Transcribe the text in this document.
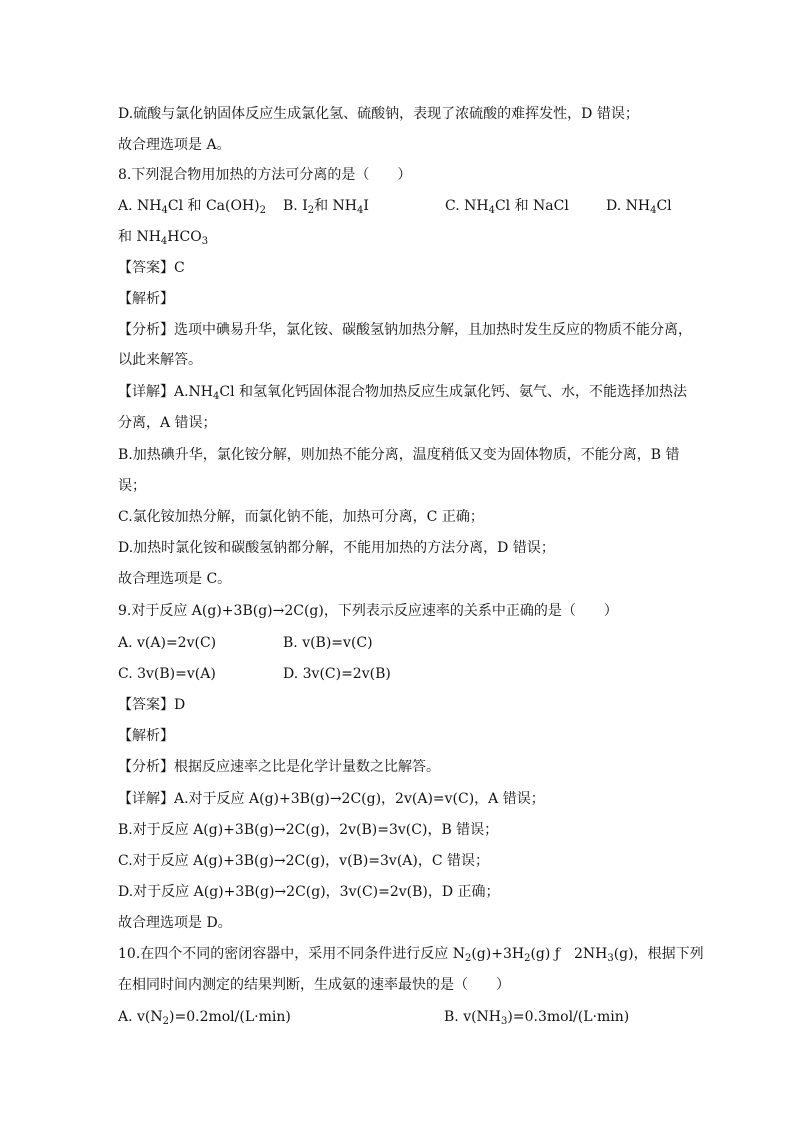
D.硫酸与氯化钠固体反应生成氯化氢、硫酸钠，表现了浓硫酸的难挥发性，D 错误；
故合理选项是 A。
8.下列混合物用加热的方法可分离的是（　　）
A. $NH_4Cl$ 和 $Ca(OH)_2$ B. $I_2$和 $NH_4I$	C. $NH_4Cl$ 和 NaCl	D. $NH_4Cl$
和 $NH_4HCO_3$
【答案】C
【解析】
【分析】选项中碘易升华，氯化铵、碳酸氢钠加热分解，且加热时发生反应的物质不能分离，
以此来解答。
【详解】$A.NH_4Cl$ 和氢氧化钙固体混合物加热反应生成氯化钙、氨气、水，不能选择加热法
分离，A 错误；
B.加热碘升华，氯化铵分解，则加热不能分离，温度稍低又变为固体物质，不能分离，B 错
误；
C.氯化铵加热分解，而氯化钠不能，加热可分离，C 正确；
D.加热时氯化铵和碳酸氢钠都分解，不能用加热的方法分离，D 错误；
故合理选项是 C。
9.对于反应 A(g)+3B(g)→2C(g)，下列表示反应速率的关系中正确的是（　　）
A. v(A)=2v(C)	B. v(B)=v(C)
C. 3v(B)=v(A)	D. 3v(C)=2v(B)
【答案】D
【解析】
【分析】根据反应速率之比是化学计量数之比解答。
【详解】A.对于反应 A(g)+3B(g)→2C(g)，2v(A)=v(C)，A 错误；
B.对于反应 A(g)+3B(g)→2C(g)，2v(B)=3v(C)，B 错误；
C.对于反应 A(g)+3B(g)→2C(g)，v(B)=3v(A)，C 错误；
D.对于反应 A(g)+3B(g)→2C(g)，3v(C)=2v(B)，D 正确；
故合理选项是 D。
10.在四个不同的密闭容器中，采用不同条件进行反应 $N_2(g)+3H_2(g)$ ƒ　$2NH_3(g)$，根据下列
在相同时间内测定的结果判断，生成氨的速率最快的是（　　）
A. $v(N_2)=0.2mol/(L\cdot\min)$	B. $v(NH_3)=0.3mol/(L\cdot\min)$
